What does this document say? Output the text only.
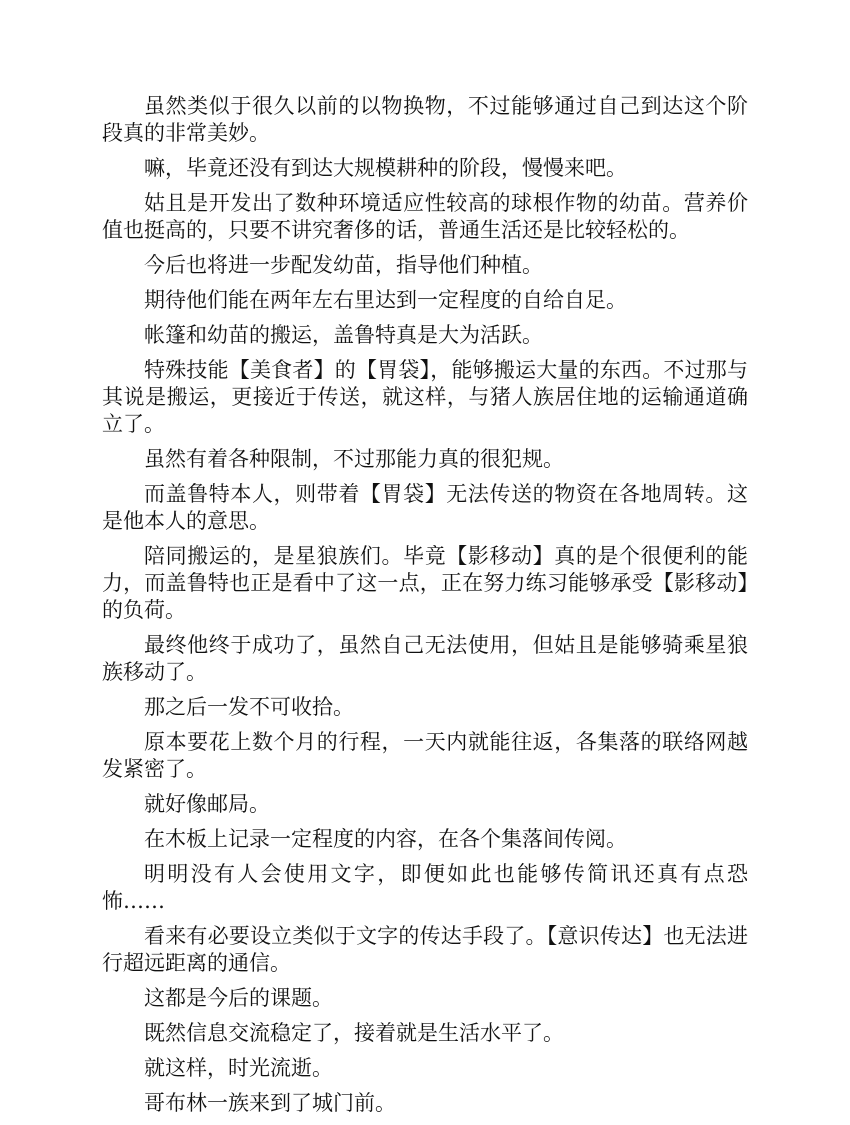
虽然类似于很久以前的以物换物，不过能够通过自己到达这个阶段真的非常美妙。

嘛，毕竟还没有到达大规模耕种的阶段，慢慢来吧。

姑且是开发出了数种环境适应性较高的球根作物的幼苗。营养价值也挺高的，只要不讲究奢侈的话，普通生活还是比较轻松的。

今后也将进一步配发幼苗，指导他们种植。

期待他们能在两年左右里达到一定程度的自给自足。

帐篷和幼苗的搬运，盖鲁特真是大为活跃。

特殊技能【美食者】的【胃袋】，能够搬运大量的东西。不过那与其说是搬运，更接近于传送，就这样，与猪人族居住地的运输通道确立了。

虽然有着各种限制，不过那能力真的很犯规。

而盖鲁特本人，则带着【胃袋】无法传送的物资在各地周转。这是他本人的意思。

陪同搬运的，是星狼族们。毕竟【影移动】真的是个很便利的能力，而盖鲁特也正是看中了这一点，正在努力练习能够承受【影移动】的负荷。

最终他终于成功了，虽然自己无法使用，但姑且是能够骑乘星狼族移动了。

那之后一发不可收拾。

原本要花上数个月的行程，一天内就能往返，各集落的联络网越发紧密了。

就好像邮局。

在木板上记录一定程度的内容，在各个集落间传阅。

明明没有人会使用文字，即便如此也能够传简讯还真有点恐怖……

看来有必要设立类似于文字的传达手段了。【意识传达】也无法进行超远距离的通信。

这都是今后的课题。

既然信息交流稳定了，接着就是生活水平了。

就这样，时光流逝。

哥布林一族来到了城门前。
